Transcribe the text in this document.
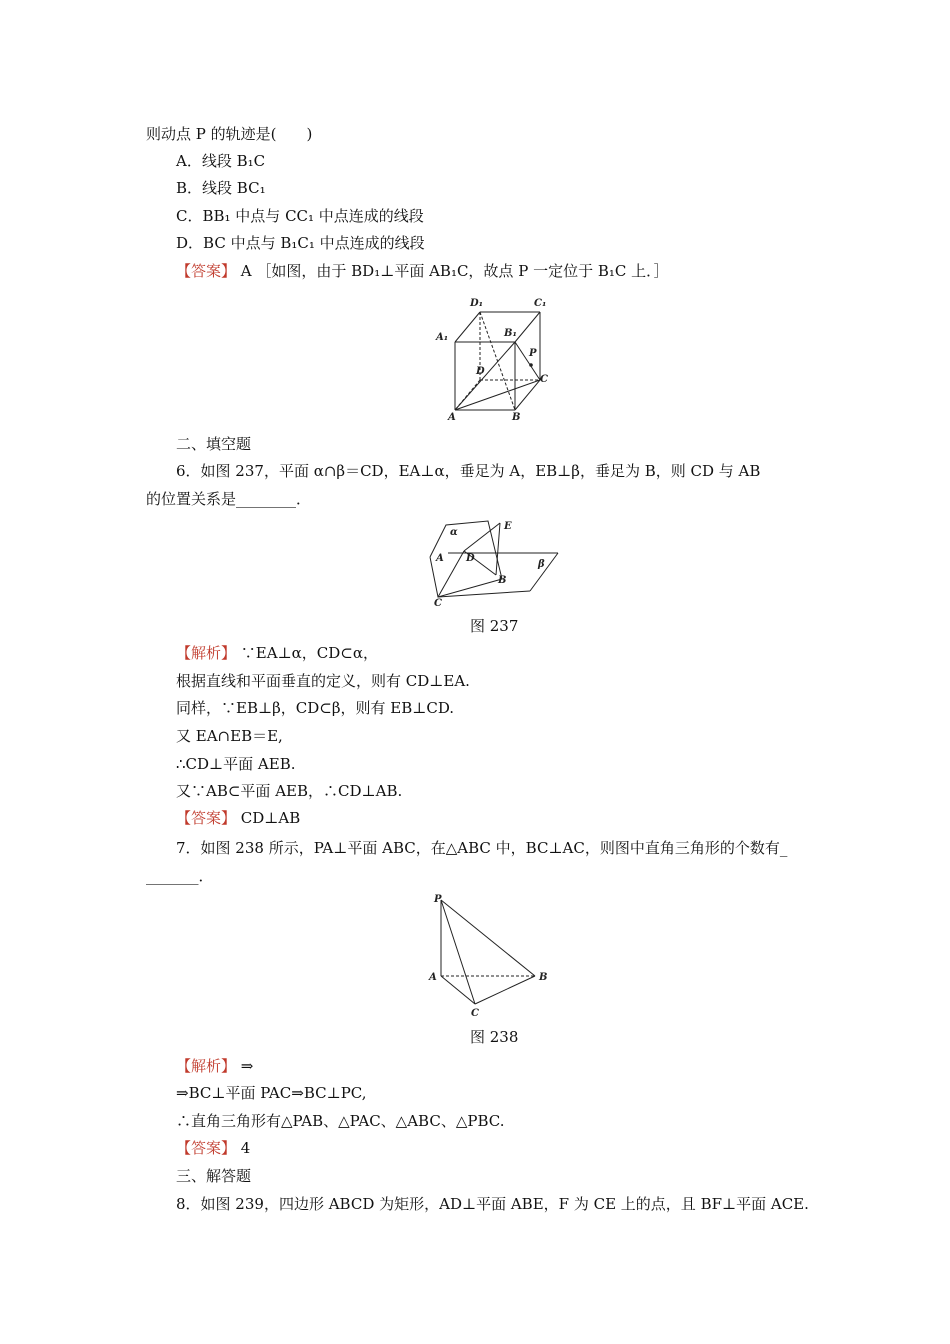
则动点 P 的轨迹是(　　)
A．线段 B₁C
B．线段 BC₁
C．BB₁ 中点与 CC₁ 中点连成的线段
D．BC 中点与 B₁C₁ 中点连成的线段
【答案】 A ［如图，由于 BD₁⊥平面 AB₁C，故点 P 一定位于 B₁C 上．］
D₁	C₁
B₁
A₁
P
D
C
A	B
二、填空题
6．如图 237，平面 α∩β＝CD，EA⊥α，垂足为 A，EB⊥β，垂足为 B，则 CD 与 AB
的位置关系是________．
α
E
A D
B
β
C
图 237
【解析】 ∵EA⊥α，CD⊂α，
根据直线和平面垂直的定义，则有 CD⊥EA.
同样，∵EB⊥β，CD⊂β，则有 EB⊥CD.
又 EA∩EB＝E,
∴CD⊥平面 AEB.
又∵AB⊂平面 AEB，∴CD⊥AB.
【答案】 CD⊥AB
7．如图 238 所示，PA⊥平面 ABC，在△ABC 中，BC⊥AC，则图中直角三角形的个数有_
_______．
P
A	B
C
图 238
【解析】 ⇒
⇒BC⊥平面 PAC⇒BC⊥PC,
∴直角三角形有△PAB、△PAC、△ABC、△PBC.
【答案】 4
三、解答题
8．如图 239，四边形 ABCD 为矩形，AD⊥平面 ABE，F 为 CE 上的点，且 BF⊥平面 ACE.
